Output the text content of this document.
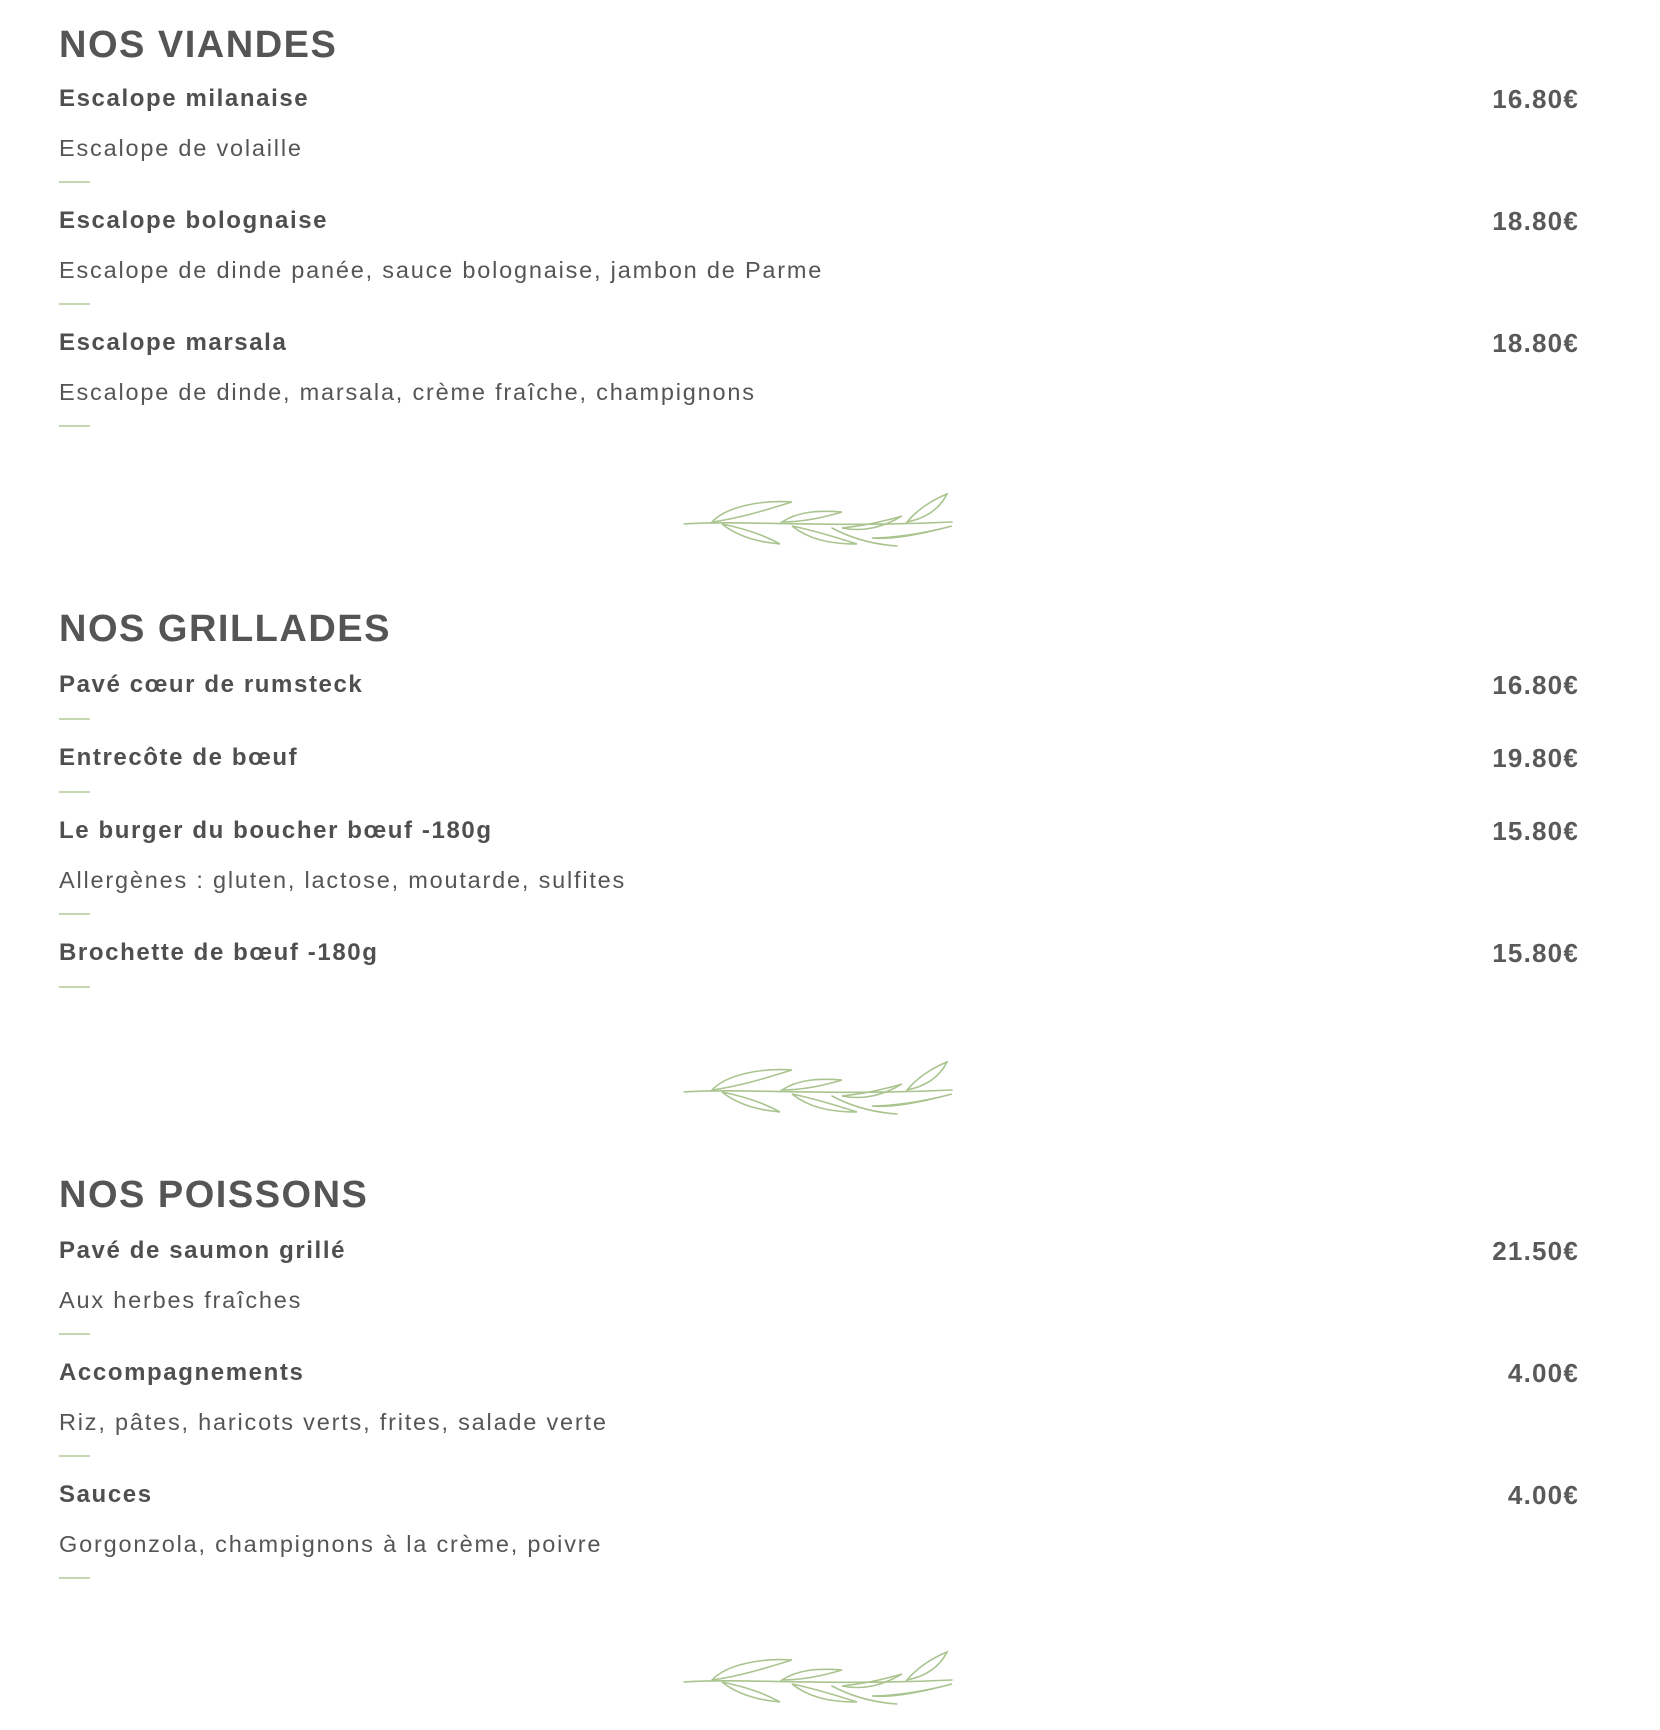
NOS VIANDES
Escalope milanaise	16.80€
Escalope de volaille
Escalope bolognaise	18.80€
Escalope de dinde panée, sauce bolognaise, jambon de Parme
Escalope marsala	18.80€
Escalope de dinde, marsala, crème fraîche, champignons
NOS GRILLADES
Pavé cœur de rumsteck	16.80€
Entrecôte de bœuf	19.80€
Le burger du boucher bœuf -180g	15.80€
Allergènes : gluten, lactose, moutarde, sulfites
Brochette de bœuf -180g	15.80€
NOS POISSONS
Pavé de saumon grillé	21.50€
Aux herbes fraîches
Accompagnements	4.00€
Riz, pâtes, haricots verts, frites, salade verte
Sauces	4.00€
Gorgonzola, champignons à la crème, poivre
